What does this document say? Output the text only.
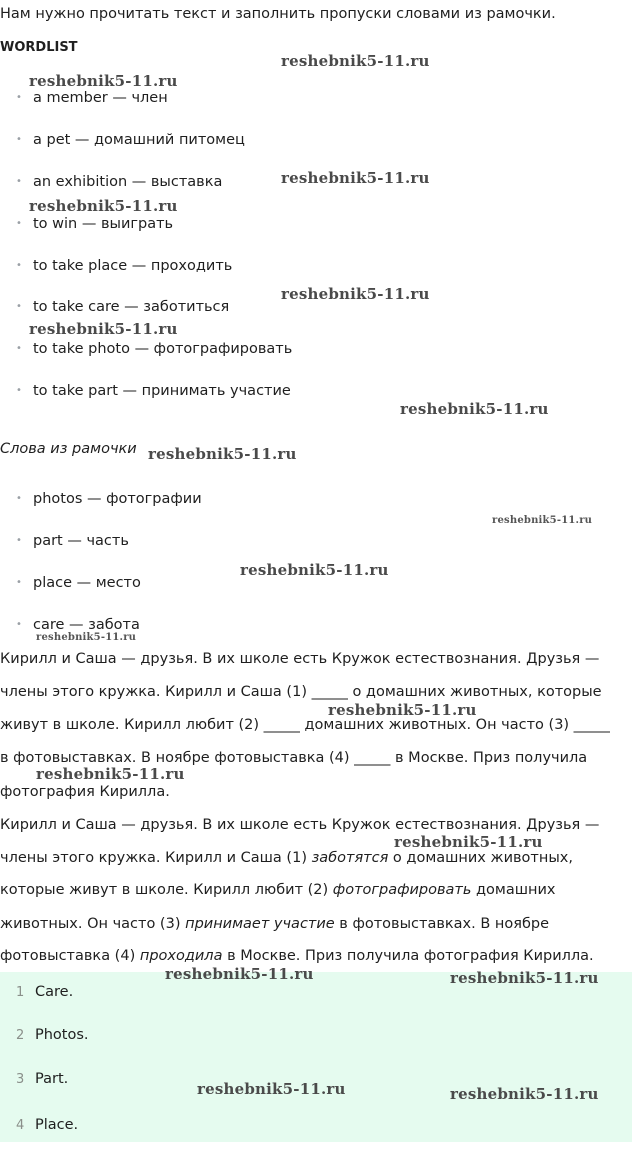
Нам нужно прочитать текст и заполнить пропуски словами из рамочки.
WORDLIST
• a member — член
• a pet — домашний питомец
• an exhibition — выставка
• to win — выиграть
• to take place — проходить
• to take care — заботиться
• to take photo — фотографировать
• to take part — принимать участие
Слова из рамочки
• photos — фотографии
• part — часть
• place — место
• care — забота
Кирилл и Саша — друзья. В их школе есть Кружок естествознания. Друзья —
члены этого кружка. Кирилл и Саша (1) _____ о домашних животных, которые
живут в школе. Кирилл любит (2) _____ домашних животных. Он часто (3) _____
в фотовыставках. В ноябре фотовыставка (4) _____ в Москве. Приз получила
фотография Кирилла.
Кирилл и Саша — друзья. В их школе есть Кружок естествознания. Друзья —
члены этого кружка. Кирилл и Саша (1) заботятся о домашних животных,
которые живут в школе. Кирилл любит (2) фотографировать домашних
животных. Он часто (3) принимает участие в фотовыставках. В ноябре
фотовыставка (4) проходила в Москве. Приз получила фотография Кирилла.
1 Care.
2 Photos.
3 Part.
4 Place.
reshebnik5-11.ru
reshebnik5-11.ru
reshebnik5-11.ru
reshebnik5-11.ru
reshebnik5-11.ru
reshebnik5-11.ru
reshebnik5-11.ru
reshebnik5-11.ru
reshebnik5-11.ru
reshebnik5-11.ru
reshebnik5-11.ru
reshebnik5-11.ru
reshebnik5-11.ru
reshebnik5-11.ru
reshebnik5-11.ru	reshebnik5-11.ru
reshebnik5-11.ru	reshebnik5-11.ru
